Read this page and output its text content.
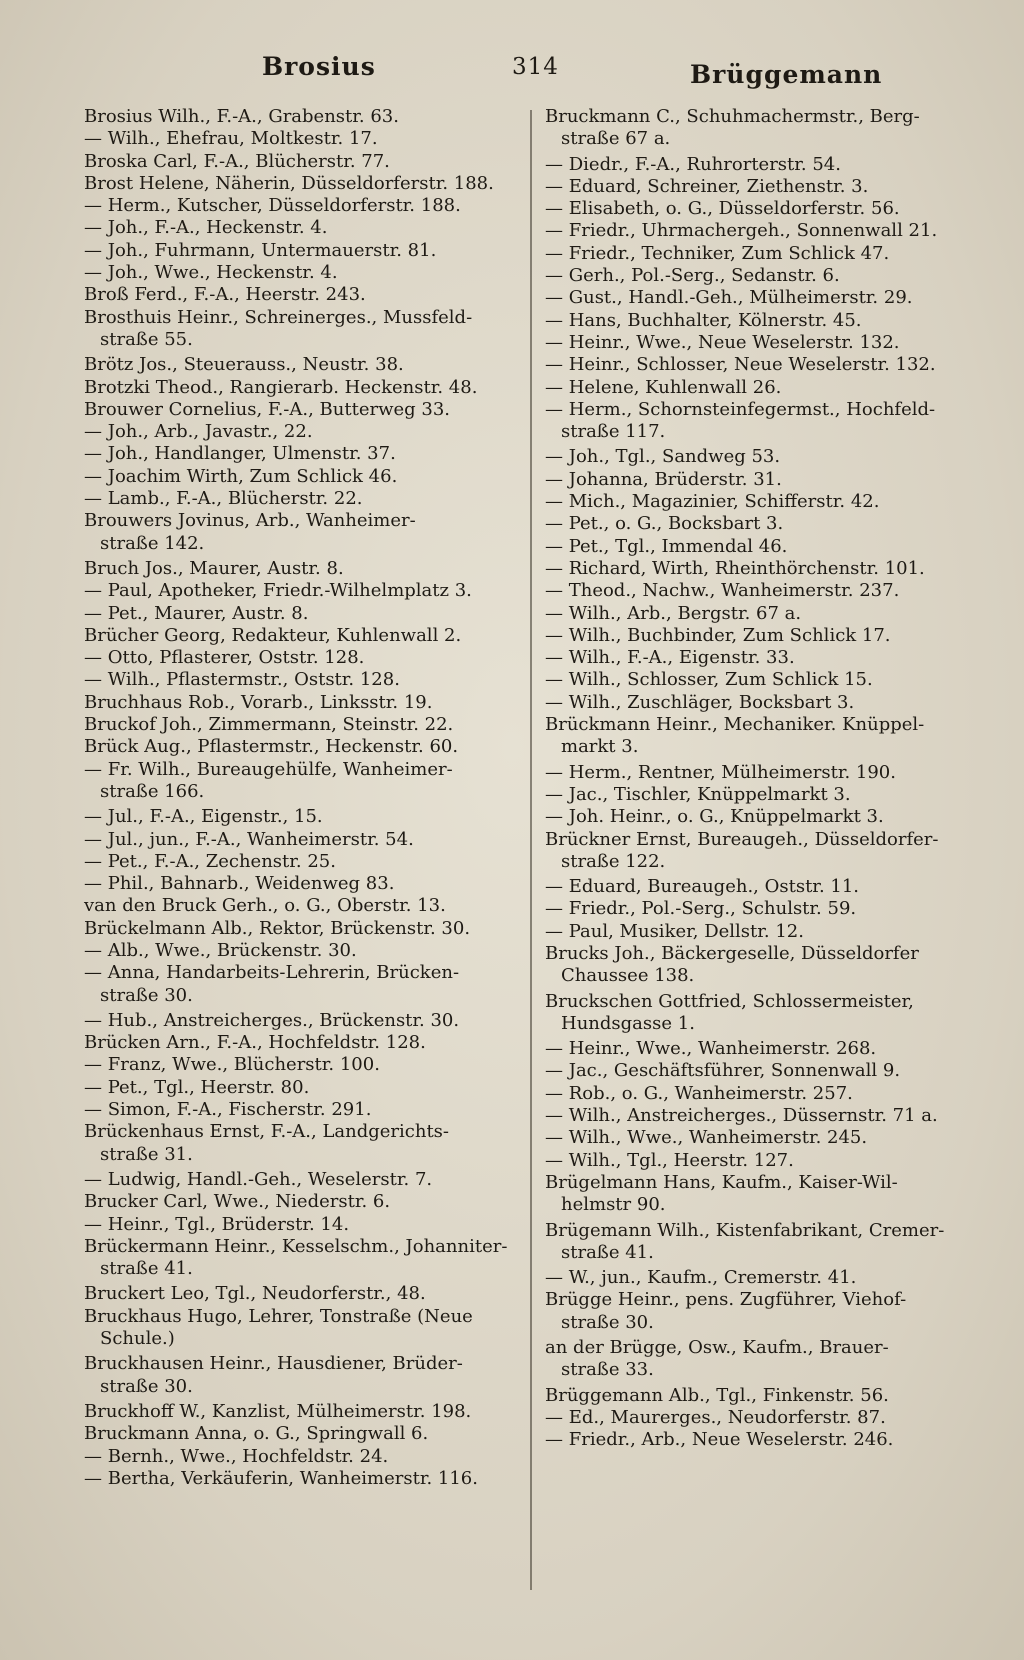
Brosius	314	Brüggemann
Brosius Wilh., F.-A., Grabenstr. 63.
— Wilh., Ehefrau, Moltkestr. 17.
Broska Carl, F.-A., Blücherstr. 77.
Brost Helene, Näherin, Düsseldorferstr. 188.
— Herm., Kutscher, Düsseldorferstr. 188.
— Joh., F.-A., Heckenstr. 4.
— Joh., Fuhrmann, Untermauerstr. 81.
— Joh., Wwe., Heckenstr. 4.
Broß Ferd., F.-A., Heerstr. 243.
Brosthuis Heinr., Schreinerges., Mussfeld-
straße 55.
Brötz Jos., Steuerauss., Neustr. 38.
Brotzki Theod., Rangierarb. Heckenstr. 48.
Brouwer Cornelius, F.-A., Butterweg 33.
— Joh., Arb., Javastr., 22.
— Joh., Handlanger, Ulmenstr. 37.
— Joachim Wirth, Zum Schlick 46.
— Lamb., F.-A., Blücherstr. 22.
Brouwers Jovinus, Arb., Wanheimer-
straße 142.
Bruch Jos., Maurer, Austr. 8.
— Paul, Apotheker, Friedr.-Wilhelmplatz 3.
— Pet., Maurer, Austr. 8.
Brücher Georg, Redakteur, Kuhlenwall 2.
— Otto, Pflasterer, Oststr. 128.
— Wilh., Pflastermstr., Oststr. 128.
Bruchhaus Rob., Vorarb., Linksstr. 19.
Bruckof Joh., Zimmermann, Steinstr. 22.
Brück Aug., Pflastermstr., Heckenstr. 60.
— Fr. Wilh., Bureaugehülfe, Wanheimer-
straße 166.
— Jul., F.-A., Eigenstr., 15.
— Jul., jun., F.-A., Wanheimerstr. 54.
— Pet., F.-A., Zechenstr. 25.
— Phil., Bahnarb., Weidenweg 83.
van den Bruck Gerh., o. G., Oberstr. 13.
Brückelmann Alb., Rektor, Brückenstr. 30.
— Alb., Wwe., Brückenstr. 30.
— Anna, Handarbeits-Lehrerin, Brücken-
straße 30.
— Hub., Anstreicherges., Brückenstr. 30.
Brücken Arn., F.-A., Hochfeldstr. 128.
— Franz, Wwe., Blücherstr. 100.
— Pet., Tgl., Heerstr. 80.
— Simon, F.-A., Fischerstr. 291.
Brückenhaus Ernst, F.-A., Landgerichts-
straße 31.
— Ludwig, Handl.-Geh., Weselerstr. 7.
Brucker Carl, Wwe., Niederstr. 6.
— Heinr., Tgl., Brüderstr. 14.
Brückermann Heinr., Kesselschm., Johanniter-
straße 41.
Bruckert Leo, Tgl., Neudorferstr., 48.
Bruckhaus Hugo, Lehrer, Tonstraße (Neue
Schule.)
Bruckhausen Heinr., Hausdiener, Brüder-
straße 30.
Bruckhoff W., Kanzlist, Mülheimerstr. 198.
Bruckmann Anna, o. G., Springwall 6.
— Bernh., Wwe., Hochfeldstr. 24.
— Bertha, Verkäuferin, Wanheimerstr. 116.
Bruckmann C., Schuhmachermstr., Berg-
straße 67 a.
— Diedr., F.-A., Ruhrorterstr. 54.
— Eduard, Schreiner, Ziethenstr. 3.
— Elisabeth, o. G., Düsseldorferstr. 56.
— Friedr., Uhrmachergeh., Sonnenwall 21.
— Friedr., Techniker, Zum Schlick 47.
— Gerh., Pol.-Serg., Sedanstr. 6.
— Gust., Handl.-Geh., Mülheimerstr. 29.
— Hans, Buchhalter, Kölnerstr. 45.
— Heinr., Wwe., Neue Weselerstr. 132.
— Heinr., Schlosser, Neue Weselerstr. 132.
— Helene, Kuhlenwall 26.
— Herm., Schornsteinfegermst., Hochfeld-
straße 117.
— Joh., Tgl., Sandweg 53.
— Johanna, Brüderstr. 31.
— Mich., Magazinier, Schifferstr. 42.
— Pet., o. G., Bocksbart 3.
— Pet., Tgl., Immendal 46.
— Richard, Wirth, Rheinthörchenstr. 101.
— Theod., Nachw., Wanheimerstr. 237.
— Wilh., Arb., Bergstr. 67 a.
— Wilh., Buchbinder, Zum Schlick 17.
— Wilh., F.-A., Eigenstr. 33.
— Wilh., Schlosser, Zum Schlick 15.
— Wilh., Zuschläger, Bocksbart 3.
Brückmann Heinr., Mechaniker. Knüppel-
markt 3.
— Herm., Rentner, Mülheimerstr. 190.
— Jac., Tischler, Knüppelmarkt 3.
— Joh. Heinr., o. G., Knüppelmarkt 3.
Brückner Ernst, Bureaugeh., Düsseldorfer-
straße 122.
— Eduard, Bureaugeh., Oststr. 11.
— Friedr., Pol.-Serg., Schulstr. 59.
— Paul, Musiker, Dellstr. 12.
Brucks Joh., Bäckergeselle, Düsseldorfer
Chaussee 138.
Bruckschen Gottfried, Schlossermeister,
Hundsgasse 1.
— Heinr., Wwe., Wanheimerstr. 268.
— Jac., Geschäftsführer, Sonnenwall 9.
— Rob., o. G., Wanheimerstr. 257.
— Wilh., Anstreicherges., Düssernstr. 71 a.
— Wilh., Wwe., Wanheimerstr. 245.
— Wilh., Tgl., Heerstr. 127.
Brügelmann Hans, Kaufm., Kaiser-Wil-
helmstr 90.
Brügemann Wilh., Kistenfabrikant, Cremer-
straße 41.
— W., jun., Kaufm., Cremerstr. 41.
Brügge Heinr., pens. Zugführer, Viehof-
straße 30.
an der Brügge, Osw., Kaufm., Brauer-
straße 33.
Brüggemann Alb., Tgl., Finkenstr. 56.
— Ed., Maurerges., Neudorferstr. 87.
— Friedr., Arb., Neue Weselerstr. 246.
